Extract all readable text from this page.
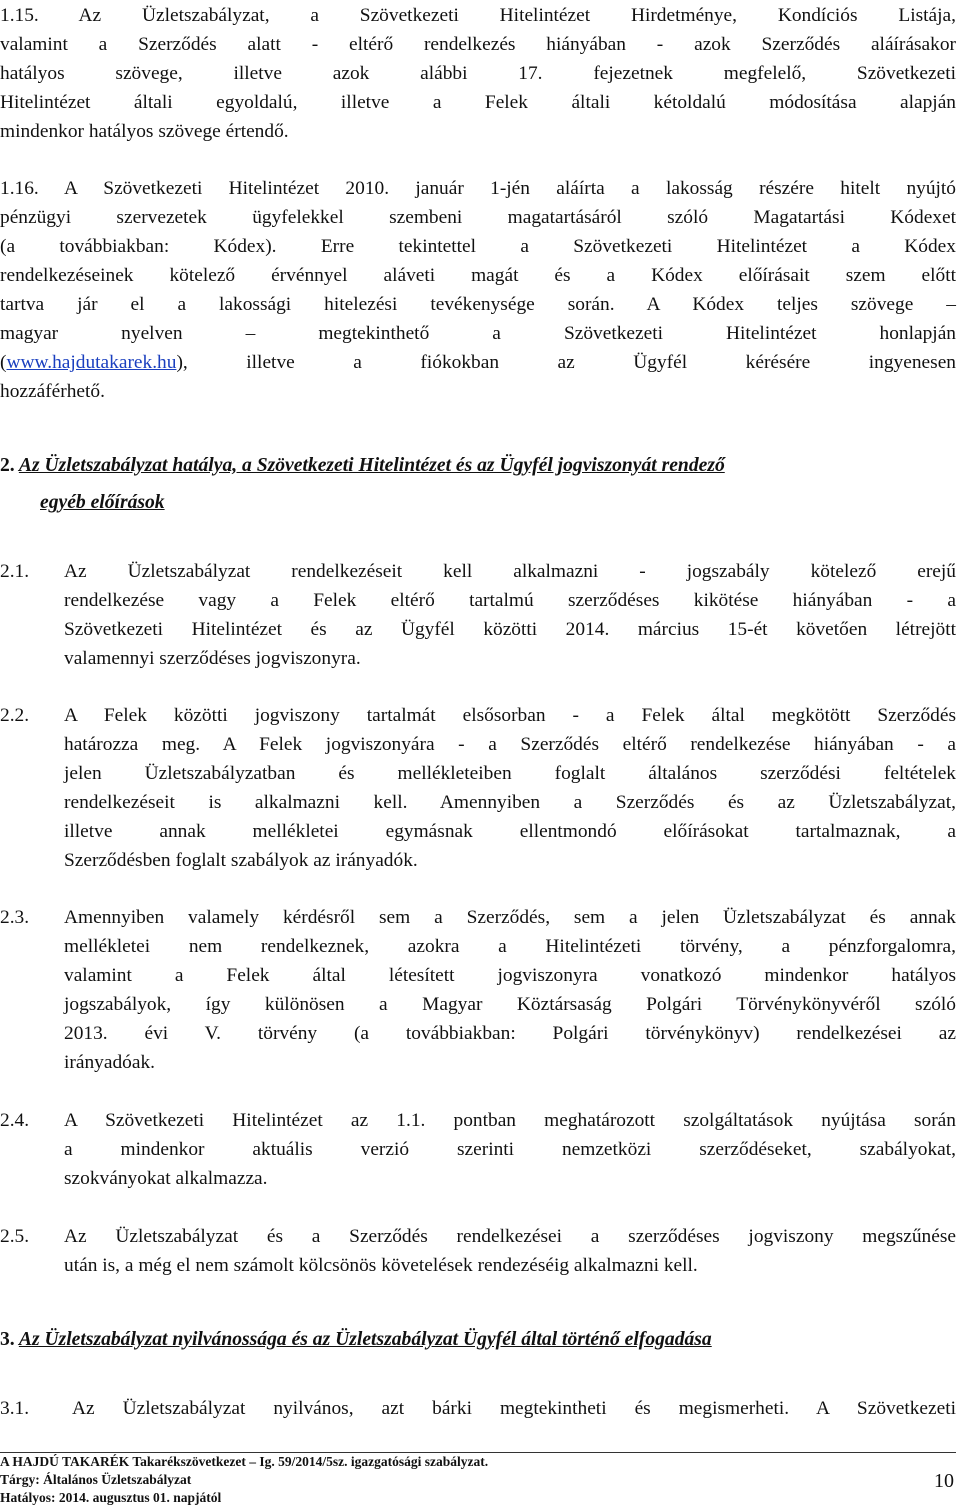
1.15. Az Üzletszabályzat, a Szövetkezeti Hitelintézet Hirdetménye, Kondíciós Listája,
valamint a Szerződés alatt - eltérő rendelkezés hiányában - azok Szerződés aláírásakor
hatályos szövege, illetve azok alábbi 17. fejezetnek megfelelő, Szövetkezeti
Hitelintézet általi egyoldalú, illetve a Felek általi kétoldalú módosítása alapján
mindenkor hatályos szövege értendő.
1.16. A Szövetkezeti Hitelintézet 2010. január 1-jén aláírta a lakosság részére hitelt nyújtó
pénzügyi szervezetek ügyfelekkel szembeni magatartásáról szóló Magatartási Kódexet
(a továbbiakban: Kódex). Erre tekintettel a Szövetkezeti Hitelintézet a Kódex
rendelkezéseinek kötelező érvénnyel aláveti magát és a Kódex előírásait szem előtt
tartva jár el a lakossági hitelezési tevékenysége során. A Kódex teljes szövege –
magyar nyelven – megtekinthető a Szövetkezeti Hitelintézet honlapján
(www.hajdutakarek.hu), illetve a fiókokban az Ügyfél kérésére ingyenesen
hozzáférhető.
2. Az Üzletszabályzat hatálya, a Szövetkezeti Hitelintézet és az Ügyfél jogviszonyát rendező
egyéb előírások
2.1. Az Üzletszabályzat rendelkezéseit kell alkalmazni - jogszabály kötelező erejű
rendelkezése vagy a Felek eltérő tartalmú szerződéses kikötése hiányában - a
Szövetkezeti Hitelintézet és az Ügyfél közötti 2014. március 15-ét követően létrejött
valamennyi szerződéses jogviszonyra.
2.2. A Felek közötti jogviszony tartalmát elsősorban - a Felek által megkötött Szerződés
határozza meg. A Felek jogviszonyára - a Szerződés eltérő rendelkezése hiányában - a
jelen Üzletszabályzatban és mellékleteiben foglalt általános szerződési feltételek
rendelkezéseit is alkalmazni kell. Amennyiben a Szerződés és az Üzletszabályzat,
illetve annak mellékletei egymásnak ellentmondó előírásokat tartalmaznak, a
Szerződésben foglalt szabályok az irányadók.
2.3. Amennyiben valamely kérdésről sem a Szerződés, sem a jelen Üzletszabályzat és annak
mellékletei nem rendelkeznek, azokra a Hitelintézeti törvény, a pénzforgalomra,
valamint a Felek által létesített jogviszonyra vonatkozó mindenkor hatályos
jogszabályok, így különösen a Magyar Köztársaság Polgári Törvénykönyvéről szóló
2013. évi V. törvény (a továbbiakban: Polgári törvénykönyv) rendelkezései az
irányadóak.
2.4. A Szövetkezeti Hitelintézet az 1.1. pontban meghatározott szolgáltatások nyújtása során
a mindenkor aktuális verzió szerinti nemzetközi szerződéseket, szabályokat,
szokványokat alkalmazza.
2.5. Az Üzletszabályzat és a Szerződés rendelkezései a szerződéses jogviszony megszűnése
után is, a még el nem számolt kölcsönös követelések rendezéséig alkalmazni kell.
3. Az Üzletszabályzat nyilvánossága és az Üzletszabályzat Ügyfél által történő elfogadása
3.1. Az Üzletszabályzat nyilvános, azt bárki megtekintheti és megismerheti. A Szövetkezeti
A HAJDÚ TAKARÉK Takarékszövetkezet – Ig. 59/2014/5sz. igazgatósági szabályzat.
Tárgy: Általános Üzletszabályzat
Hatályos: 2014. augusztus 01. napjától
10
